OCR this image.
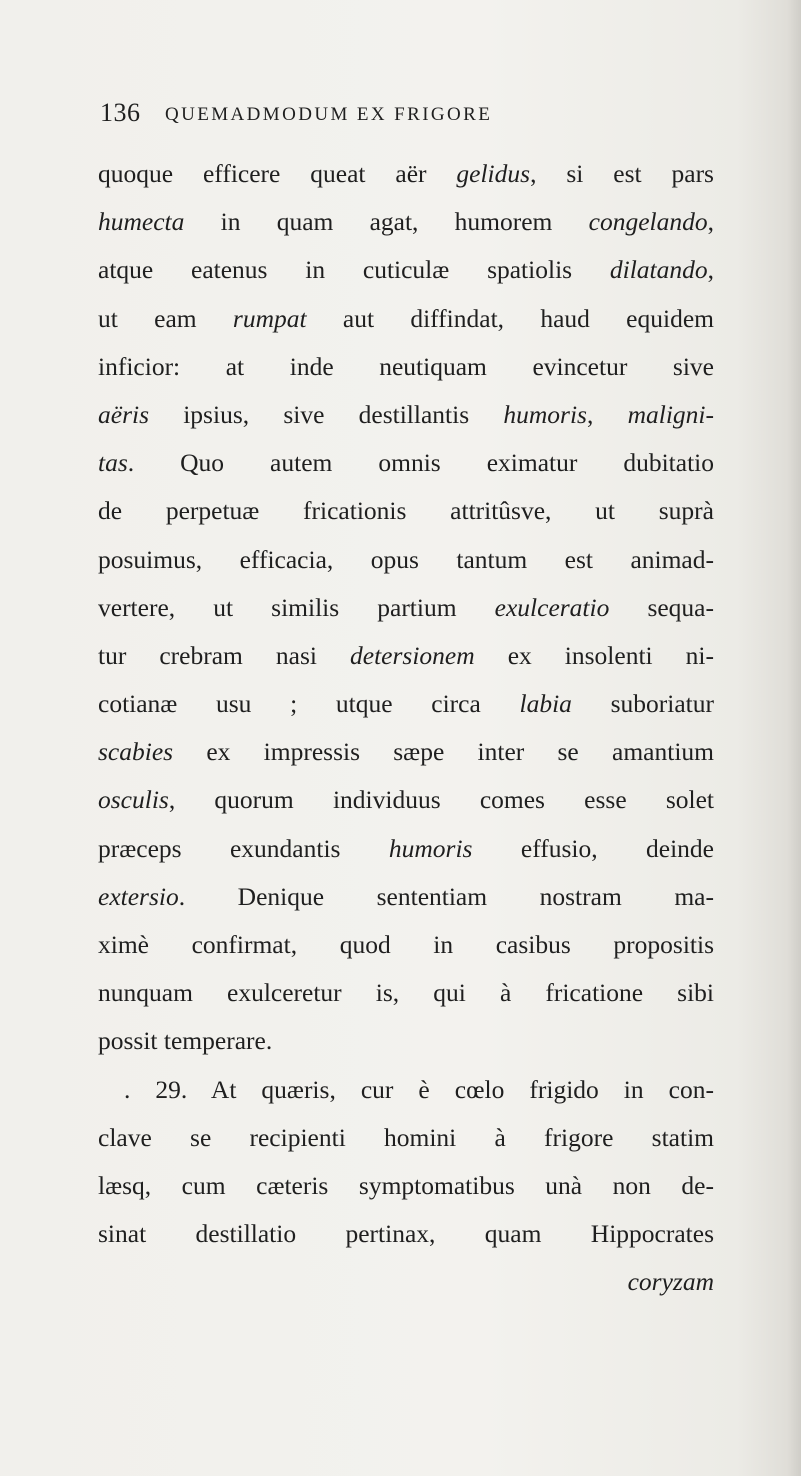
136 QUEMADMODUM EX FRIGORE
quoque efficere queat aër gelidus, si est pars
humecta in quam agat, humorem congelando,
atque eatenus in cuticulæ spatiolis dilatando,
ut eam rumpat aut diffindat, haud equidem
inficior: at inde neutiquam evincetur sive
aëris ipsius, sive destillantis humoris, maligni-
tas. Quo autem omnis eximatur dubitatio
de perpetuæ fricationis attritûsve, ut suprà
posuimus, efficacia, opus tantum est animad-
vertere, ut similis partium exulceratio sequa-
tur crebram nasi detersionem ex insolenti ni-
cotianæ usu ; utque circa labia suboriatur
scabies ex impressis sæpe inter se amantium
osculis, quorum individuus comes esse solet
præceps exundantis humoris effusio, deinde
extersio. Denique sententiam nostram ma-
ximè confirmat, quod in casibus propositis
nunquam exulceretur is, qui à fricatione sibi
possit temperare.
. 29. At quæris, cur è cœlo frigido in con-
clave se recipienti homini à frigore statim
læsq, cum cæteris symptomatibus unà non de-
sinat destillatio pertinax, quam Hippocrates
coryzam
